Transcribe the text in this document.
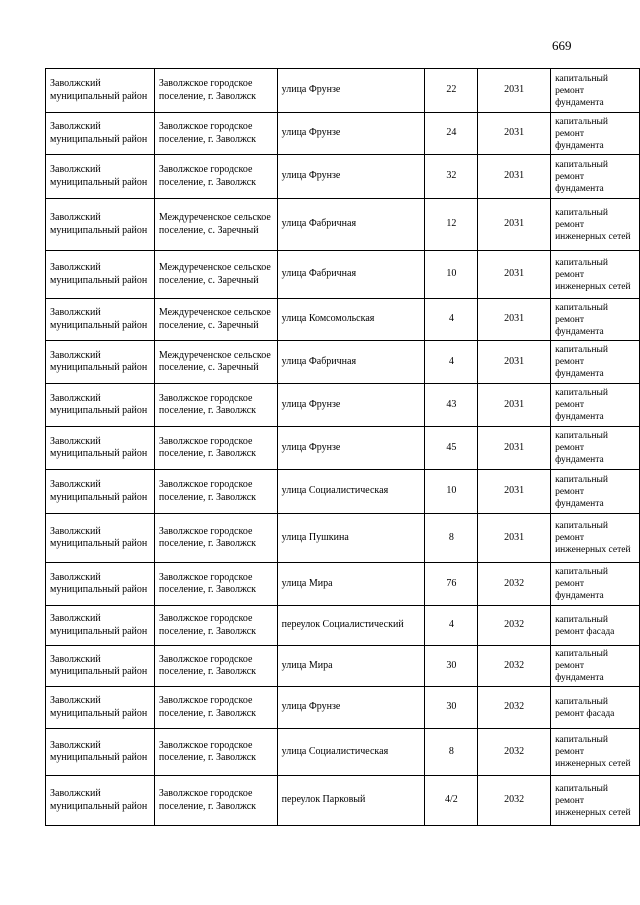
669
Заволжский муниципальный район	Заволжское городское поселение, г. Заволжск	улица Фрунзе	22	2031	капитальный ремонт фундамента
Заволжский муниципальный район	Заволжское городское поселение, г. Заволжск	улица Фрунзе	24	2031	капитальный ремонт фундамента
Заволжский муниципальный район	Заволжское городское поселение, г. Заволжск	улица Фрунзе	32	2031	капитальный ремонт фундамента
Заволжский муниципальный район	Междуреченское сельское поселение, с. Заречный	улица Фабричная	12	2031	капитальный ремонт инженерных сетей
Заволжский муниципальный район	Междуреченское сельское поселение, с. Заречный	улица Фабричная	10	2031	капитальный ремонт инженерных сетей
Заволжский муниципальный район	Междуреченское сельское поселение, с. Заречный	улица Комсомольская	4	2031	капитальный ремонт фундамента
Заволжский муниципальный район	Междуреченское сельское поселение, с. Заречный	улица Фабричная	4	2031	капитальный ремонт фундамента
Заволжский муниципальный район	Заволжское городское поселение, г. Заволжск	улица Фрунзе	43	2031	капитальный ремонт фундамента
Заволжский муниципальный район	Заволжское городское поселение, г. Заволжск	улица Фрунзе	45	2031	капитальный ремонт фундамента
Заволжский муниципальный район	Заволжское городское поселение, г. Заволжск	улица Социалистическая	10	2031	капитальный ремонт фундамента
Заволжский муниципальный район	Заволжское городское поселение, г. Заволжск	улица Пушкина	8	2031	капитальный ремонт инженерных сетей
Заволжский муниципальный район	Заволжское городское поселение, г. Заволжск	улица Мира	76	2032	капитальный ремонт фундамента
Заволжский муниципальный район	Заволжское городское поселение, г. Заволжск	переулок Социалистический	4	2032	капитальный ремонт фасада
Заволжский муниципальный район	Заволжское городское поселение, г. Заволжск	улица Мира	30	2032	капитальный ремонт фундамента
Заволжский муниципальный район	Заволжское городское поселение, г. Заволжск	улица Фрунзе	30	2032	капитальный ремонт фасада
Заволжский муниципальный район	Заволжское городское поселение, г. Заволжск	улица Социалистическая	8	2032	капитальный ремонт инженерных сетей
Заволжский муниципальный район	Заволжское городское поселение, г. Заволжск	переулок Парковый	4/2	2032	капитальный ремонт инженерных сетей
